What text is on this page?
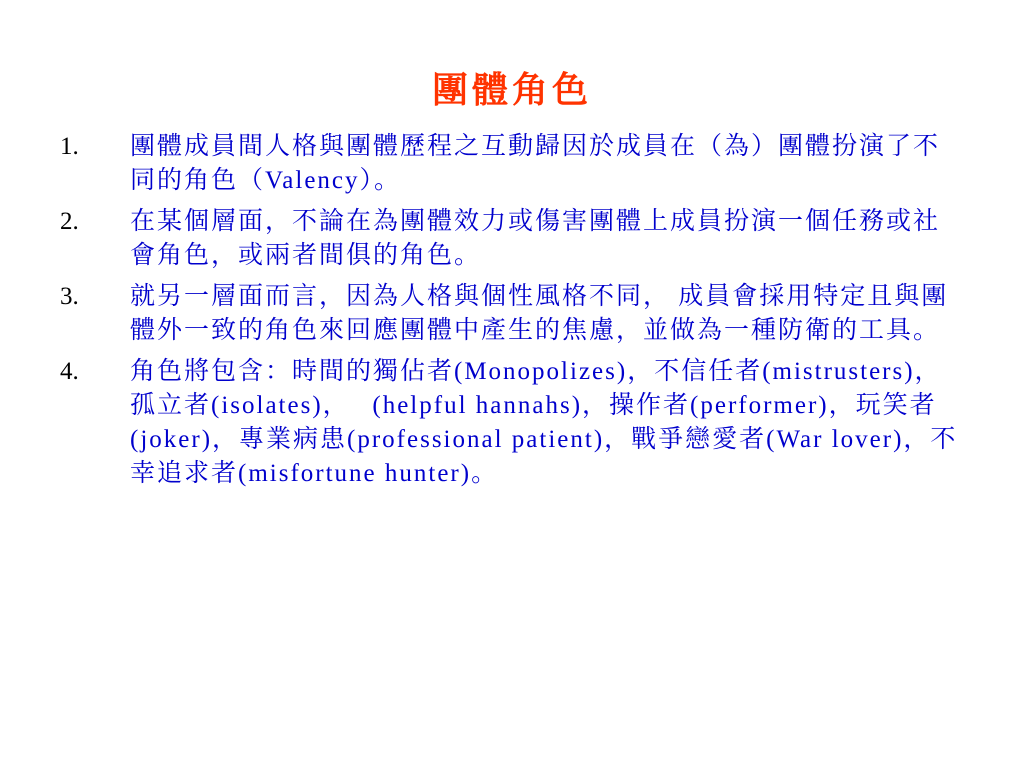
團體角色
1. 團體成員間人格與團體歷程之互動歸因於成員在（為）團體扮演了不同的角色（Valency）。
2. 在某個層面，不論在為團體效力或傷害團體上成員扮演一個任務或社會角色，或兩者間俱的角色。
3. 就另一層面而言，因為人格與個性風格不同， 成員會採用特定且與團體外一致的角色來回應團體中產生的焦慮，並做為一種防衛的工具。
4. 角色將包含：時間的獨佔者(Monopolizes)，不信任者(mistrusters)，孤立者(isolates)，　 (helpful hannahs)，操作者(performer)，玩笑者(joker)，專業病患(professional patient)，戰爭戀愛者(War lover)，不幸追求者(misfortune hunter)。
